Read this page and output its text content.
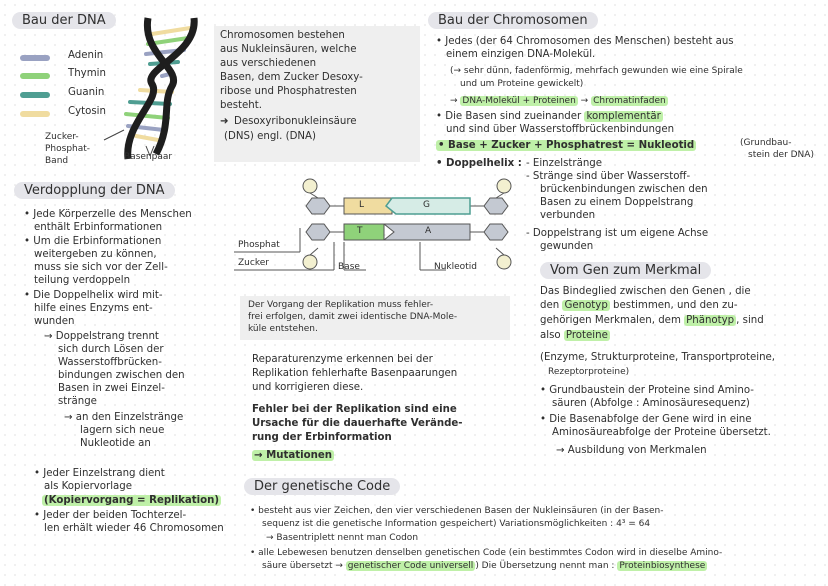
Bau der DNA
Adenin
Thymin
Guanin
Cytosin
Zucker-
Phosphat-
Band	Basenpaar
Chromosomen bestehen
aus Nukleinsäuren, welche
aus verschiedenen
Basen, dem Zucker Desoxy-
ribose und Phosphatresten
besteht.
➜ Desoxyribonukleinsäure
(DNS) engl. (DNA)
Verdopplung der DNA
• Jede Körperzelle des Menschen
enthält Erbinformationen
• Um die Erbinformationen
weitergeben zu können,
muss sie sich vor der Zell-
teilung verdoppeln
• Die Doppelhelix wird mit-
hilfe eines Enzyms ent-
wunden
→ Doppelstrang trennt
sich durch Lösen der
Wasserstoffbrücken-
bindungen zwischen den
Basen in zwei Einzel-
stränge
→ an den Einzelstränge
lagern sich neue
Nukleotide an
• Jeder Einzelstrang dient
als Kopiervorlage
(Kopiervorgang = Replikation)
• Jeder der beiden Tochterzel-
len erhält wieder 46 Chromosomen
L	G
T	A
Phosphat
Zucker	Base	Nukleotid
Der Vorgang der Replikation muss fehler-
frei erfolgen, damit zwei identische DNA-Mole-
küle entstehen.
Reparaturenzyme erkennen bei der
Replikation fehlerhafte Basenpaarungen
und korrigieren diese.
Fehler bei der Replikation sind eine
Ursache für die dauerhafte Verände-
rung der Erbinformation
→ Mutationen
Bau der Chromosomen
• Jedes (der 64 Chromosomen des Menschen) besteht aus
einem einzigen DNA-Molekül.
(→ sehr dünn, fadenförmig, mehrfach gewunden wie eine Spirale
und um Proteine gewickelt)
→ DNA-Molekül + Proteinen → Chromatinfaden
• Die Basen sind zueinander komplementär
und sind über Wasserstoffbrückenbindungen
• Base + Zucker + Phosphatrest = Nukleotid	(Grundbau-
stein der DNA)
• Doppelhelix : - Einzelstränge
- Stränge sind über Wasserstoff-
brückenbindungen zwischen den
Basen zu einem Doppelstrang
verbunden
- Doppelstrang ist um eigene Achse
gewunden
Vom Gen zum Merkmal
Das Bindeglied zwischen den Genen , die
den Genotyp bestimmen, und den zu-
gehörigen Merkmalen, dem Phänotyp , sind
also Proteine
(Enzyme, Strukturproteine, Transportproteine,
Rezeptorproteine)
• Grundbaustein der Proteine sind Amino-
säuren (Abfolge : Aminosäuresequenz)
• Die Basenabfolge der Gene wird in eine
Aminosäureabfolge der Proteine übersetzt.
→ Ausbildung von Merkmalen
Der genetische Code
• besteht aus vier Zeichen, den vier verschiedenen Basen der Nukleinsäuren (in der Basen-
sequenz ist die genetische Information gespeichert) Variationsmöglichkeiten : 4³ = 64
→ Basentriplett nennt man Codon
• alle Lebewesen benutzen denselben genetischen Code (ein bestimmtes Codon wird in dieselbe Amino-
säure übersetzt → genetischer Code universell ) Die Übersetzung nennt man : Proteinbiosynthese
